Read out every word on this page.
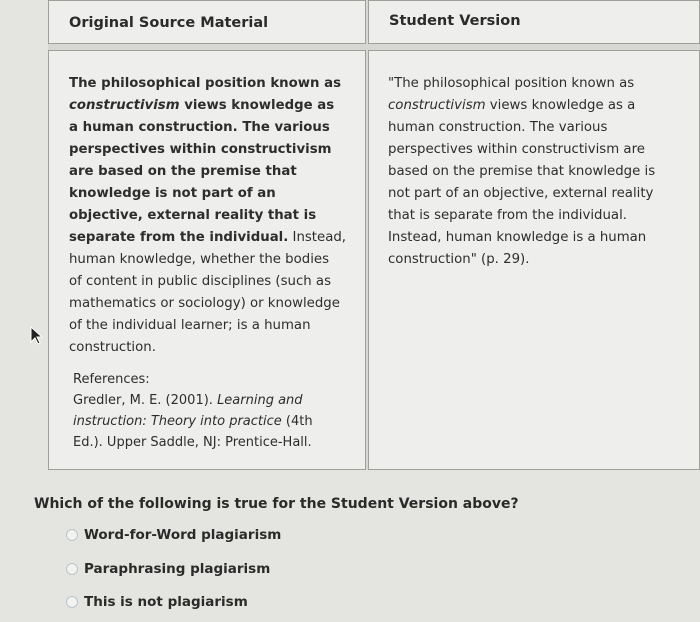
Original Source Material	Student Version
The philosophical position known as
constructivism views knowledge as
a human construction. The various
perspectives within constructivism
are based on the premise that
knowledge is not part of an
objective, external reality that is
separate from the individual. Instead,
human knowledge, whether the bodies
of content in public disciplines (such as
mathematics or sociology) or knowledge
of the individual learner; is a human
construction.
References:
Gredler, M. E. (2001). Learning and
instruction: Theory into practice (4th
Ed.). Upper Saddle, NJ: Prentice-Hall.
"The philosophical position known as
constructivism views knowledge as a
human construction. The various
perspectives within constructivism are
based on the premise that knowledge is
not part of an objective, external reality
that is separate from the individual.
Instead, human knowledge is a human
construction" (p. 29).
Which of the following is true for the Student Version above?
Word-for-Word plagiarism
Paraphrasing plagiarism
This is not plagiarism
